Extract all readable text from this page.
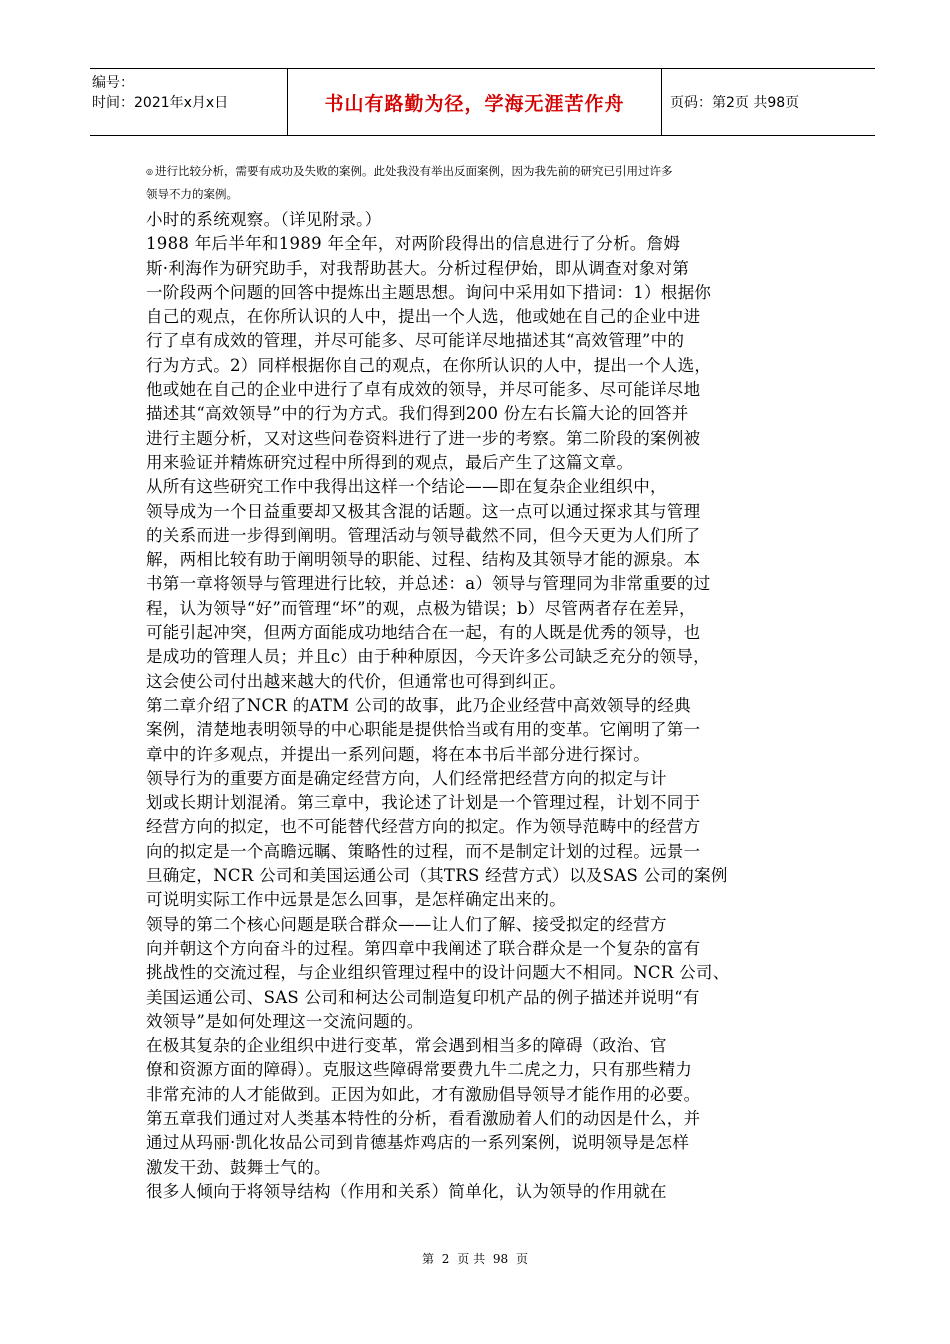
编号：
时间：2021年x月x日	书山有路勤为径，学海无涯苦作舟	页码：第2页 共98页
◎ 进行比较分析，需要有成功及失败的案例。此处我没有举出反面案例，因为我先前的研究已引用过许多
领导不力的案例。
小时的系统观察。（详见附录。）
1988 年后半年和1989 年全年，对两阶段得出的信息进行了分析。詹姆
斯·利海作为研究助手，对我帮助甚大。分析过程伊始，即从调查对象对第
一阶段两个问题的回答中提炼出主题思想。询问中采用如下措词：1）根据你
自己的观点，在你所认识的人中，提出一个人选，他或她在自己的企业中进
行了卓有成效的管理，并尽可能多、尽可能详尽地描述其“高效管理”中的
行为方式。2）同样根据你自己的观点，在你所认识的人中，提出一个人选，
他或她在自己的企业中进行了卓有成效的领导，并尽可能多、尽可能详尽地
描述其“高效领导”中的行为方式。我们得到200 份左右长篇大论的回答并
进行主题分析，又对这些问卷资料进行了进一步的考察。第二阶段的案例被
用来验证并精炼研究过程中所得到的观点，最后产生了这篇文章。
从所有这些研究工作中我得出这样一个结论——即在复杂企业组织中，
领导成为一个日益重要却又极其含混的话题。这一点可以通过探求其与管理
的关系而进一步得到阐明。管理活动与领导截然不同，但今天更为人们所了
解，两相比较有助于阐明领导的职能、过程、结构及其领导才能的源泉。本
书第一章将领导与管理进行比较，并总述：a）领导与管理同为非常重要的过
程，认为领导“好”而管理“坏”的观，点极为错误；b）尽管两者存在差异，
可能引起冲突，但两方面能成功地结合在一起，有的人既是优秀的领导，也
是成功的管理人员；并且c）由于种种原因，今天许多公司缺乏充分的领导，
这会使公司付出越来越大的代价，但通常也可得到纠正。
第二章介绍了NCR 的ATM 公司的故事，此乃企业经营中高效领导的经典
案例，清楚地表明领导的中心职能是提供恰当或有用的变革。它阐明了第一
章中的许多观点，并提出一系列问题，将在本书后半部分进行探讨。
领导行为的重要方面是确定经营方向，人们经常把经营方向的拟定与计
划或长期计划混淆。第三章中，我论述了计划是一个管理过程，计划不同于
经营方向的拟定，也不可能替代经营方向的拟定。作为领导范畴中的经营方
向的拟定是一个高瞻远瞩、策略性的过程，而不是制定计划的过程。远景一
旦确定，NCR 公司和美国运通公司（其TRS 经营方式）以及SAS 公司的案例
可说明实际工作中远景是怎么回事，是怎样确定出来的。
领导的第二个核心问题是联合群众——让人们了解、接受拟定的经营方
向并朝这个方向奋斗的过程。第四章中我阐述了联合群众是一个复杂的富有
挑战性的交流过程，与企业组织管理过程中的设计问题大不相同。NCR 公司、
美国运通公司、SAS 公司和柯达公司制造复印机产品的例子描述并说明“有
效领导”是如何处理这一交流问题的。
在极其复杂的企业组织中进行变革，常会遇到相当多的障碍（政治、官
僚和资源方面的障碍）。克服这些障碍常要费九牛二虎之力，只有那些精力
非常充沛的人才能做到。正因为如此，才有激励倡导领导才能作用的必要。
第五章我们通过对人类基本特性的分析，看看激励着人们的动因是什么，并
通过从玛丽·凯化妆品公司到肯德基炸鸡店的一系列案例，说明领导是怎样
激发干劲、鼓舞士气的。
很多人倾向于将领导结构（作用和关系）简单化，认为领导的作用就在
第 2 页 共 98 页
